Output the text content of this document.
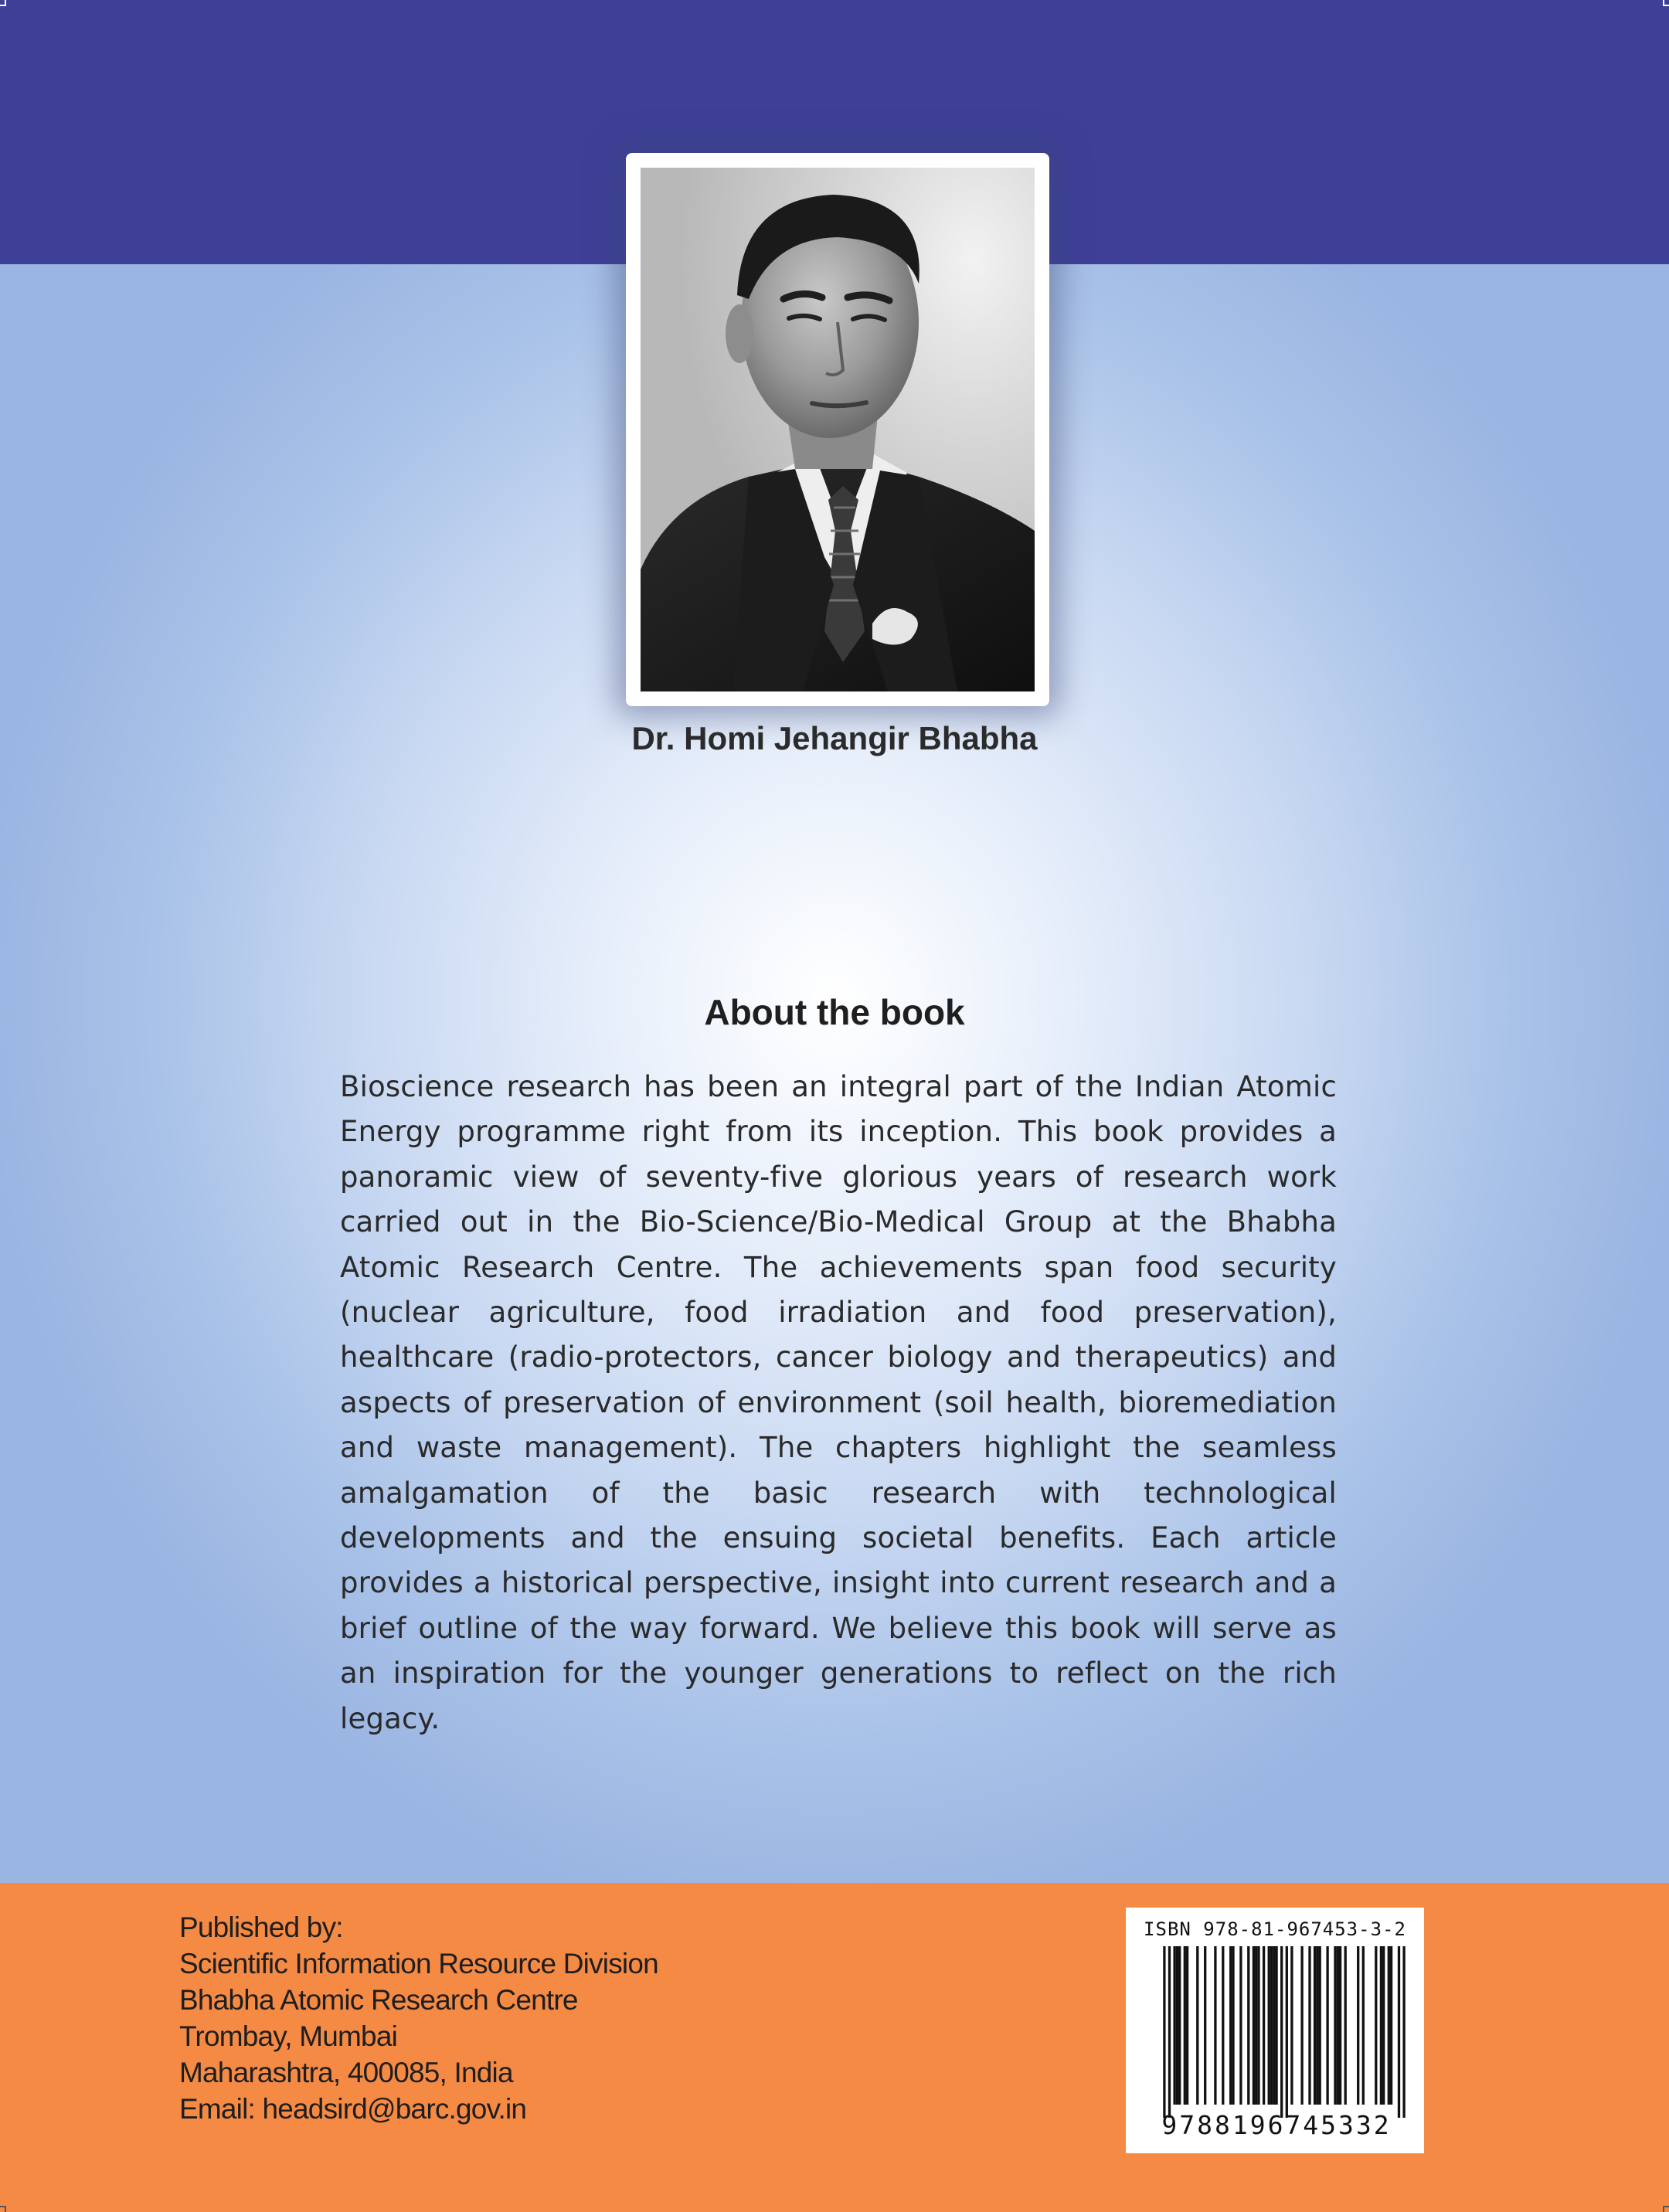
Dr. Homi Jehangir Bhabha
About the book
Bioscience research has been an integral part of the Indian Atomic Energy programme right from its inception. This book provides a panoramic view of seventy-five glorious years of research work carried out in the Bio-Science/Bio-Medical Group at the Bhabha Atomic Research Centre. The achievements span food security (nuclear agriculture, food irradiation and food preservation), healthcare (radio-protectors, cancer biology and therapeutics) and aspects of preservation of environment (soil health, bioremediation and waste management). The chapters highlight the seamless amalgamation of the basic research with technological developments and the ensuing societal benefits. Each article provides a historical perspective, insight into current research and a brief outline of the way forward. We believe this book will serve as an inspiration for the younger generations to reflect on the rich legacy.
Published by:
Scientific Information Resource Division
Bhabha Atomic Research Centre
Trombay, Mumbai
Maharashtra, 400085, India
Email: headsird@barc.gov.in
ISBN 978-81-967453-3-2
9788196745332
